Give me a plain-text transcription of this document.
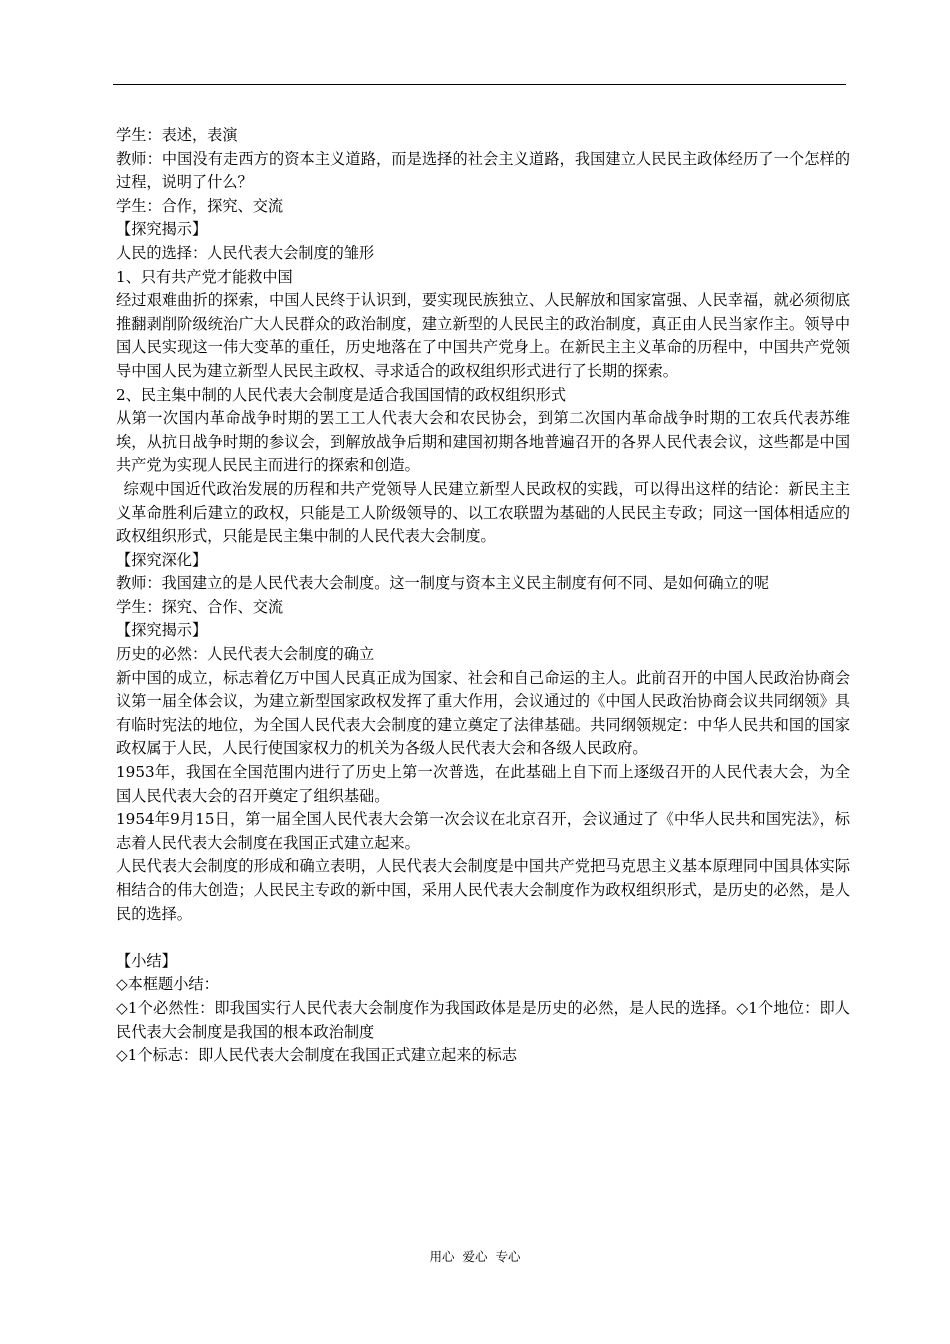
学生：表述，表演

教师：中国没有走西方的资本主义道路，而是选择的社会主义道路，我国建立人民民主政体经历了一个怎样的过程，说明了什么？

学生：合作，探究、交流

【探究揭示】

人民的选择：人民代表大会制度的雏形

1、只有共产党才能救中国

经过艰难曲折的探索，中国人民终于认识到，要实现民族独立、人民解放和国家富强、人民幸福，就必须彻底推翻剥削阶级统治广大人民群众的政治制度，建立新型的人民民主的政治制度，真正由人民当家作主。领导中国人民实现这一伟大变革的重任，历史地落在了中国共产党身上。在新民主主义革命的历程中，中国共产党领导中国人民为建立新型人民民主政权、寻求适合的政权组织形式进行了长期的探索。

2、民主集中制的人民代表大会制度是适合我国国情的政权组织形式

从第一次国内革命战争时期的罢工工人代表大会和农民协会，到第二次国内革命战争时期的工农兵代表苏维埃，从抗日战争时期的参议会，到解放战争后期和建国初期各地普遍召开的各界人民代表会议，这些都是中国共产党为实现人民民主而进行的探索和创造。

综观中国近代政治发展的历程和共产党领导人民建立新型人民政权的实践，可以得出这样的结论：新民主主义革命胜利后建立的政权，只能是工人阶级领导的、以工农联盟为基础的人民民主专政；同这一国体相适应的政权组织形式，只能是民主集中制的人民代表大会制度。

【探究深化】

教师：我国建立的是人民代表大会制度。这一制度与资本主义民主制度有何不同、是如何确立的呢

学生：探究、合作、交流

【探究揭示】

历史的必然：人民代表大会制度的确立

新中国的成立，标志着亿万中国人民真正成为国家、社会和自己命运的主人。此前召开的中国人民政治协商会议第一届全体会议，为建立新型国家政权发挥了重大作用，会议通过的《中国人民政治协商会议共同纲领》具有临时宪法的地位，为全国人民代表大会制度的建立奠定了法律基础。共同纲领规定：中华人民共和国的国家政权属于人民，人民行使国家权力的机关为各级人民代表大会和各级人民政府。

1953年，我国在全国范围内进行了历史上第一次普选，在此基础上自下而上逐级召开的人民代表大会，为全国人民代表大会的召开奠定了组织基础。

1954年9月15日，第一届全国人民代表大会第一次会议在北京召开，会议通过了《中华人民共和国宪法》，标志着人民代表大会制度在我国正式建立起来。

人民代表大会制度的形成和确立表明，人民代表大会制度是中国共产党把马克思主义基本原理同中国具体实际相结合的伟大创造；人民民主专政的新中国，采用人民代表大会制度作为政权组织形式，是历史的必然，是人民的选择。

【小结】

◇本框题小结：

◇1个必然性：即我国实行人民代表大会制度作为我国政体是是历史的必然，是人民的选择。◇1个地位：即人民代表大会制度是我国的根本政治制度

◇1个标志：即人民代表大会制度在我国正式建立起来的标志

用心  爱心  专心
